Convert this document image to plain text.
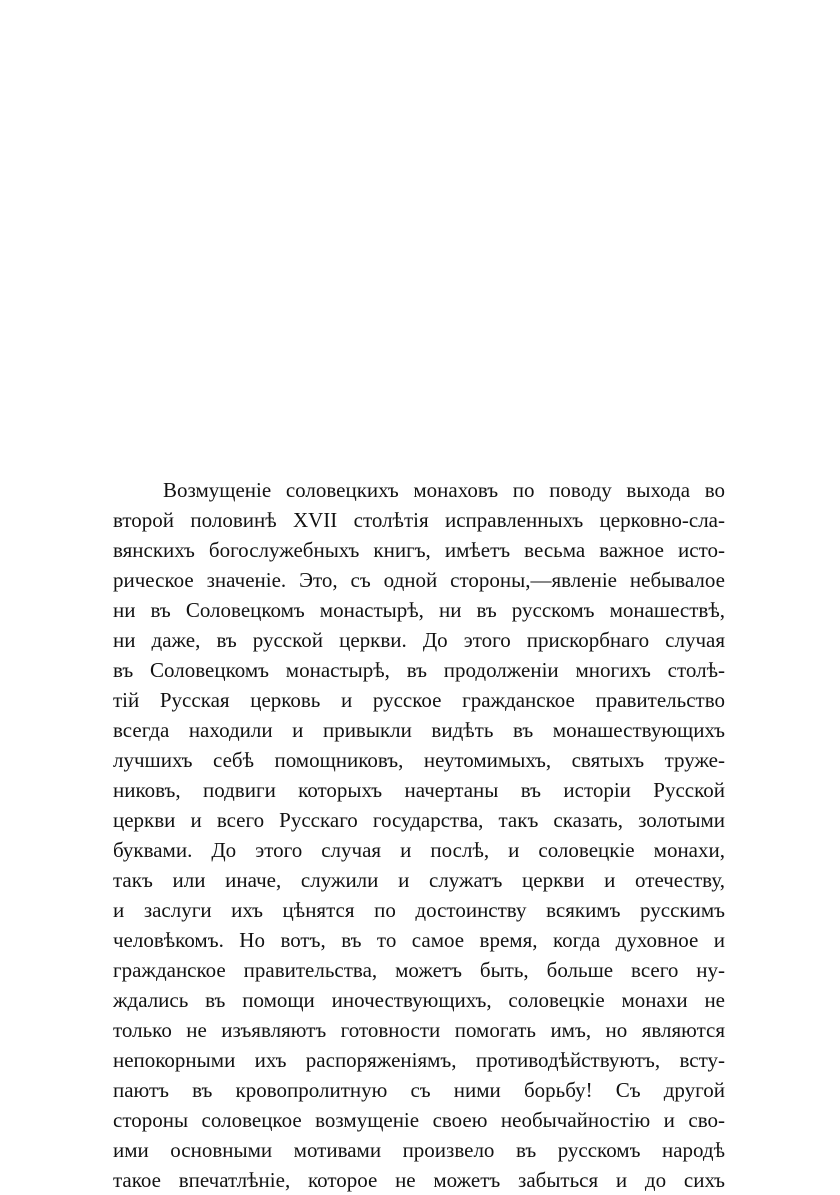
Возмущеніе соловецкихъ монаховъ по поводу выхода во
второй половинѣ XVII столѣтія исправленныхъ церковно-сла-
вянскихъ богослужебныхъ книгъ, имѣетъ весьма важное исто-
рическое значеніе. Это, съ одной стороны,—явленіе небывалое
ни въ Соловецкомъ монастырѣ, ни въ русскомъ монашествѣ,
ни даже, въ русской церкви. До этого прискорбнаго случая
въ Соловецкомъ монастырѣ, въ продолженіи многихъ столѣ-
тій Русская церковь и русское гражданское правительство
всегда находили и привыкли видѣть въ монашествующихъ
лучшихъ себѣ помощниковъ, неутомимыхъ, святыхъ труже-
никовъ, подвиги которыхъ начертаны въ исторіи Русской
церкви и всего Русскаго государства, такъ сказать, золотыми
буквами. До этого случая и послѣ, и соловецкіе монахи,
такъ или иначе, служили и служатъ церкви и отечеству,
и заслуги ихъ цѣнятся по достоинству всякимъ русскимъ
человѣкомъ. Но вотъ, въ то самое время, когда духовное и
гражданское правительства, можетъ быть, больше всего ну-
ждались въ помощи иночествующихъ, соловецкіе монахи не
только не изъявляютъ готовности помогать имъ, но являются
непокорными ихъ распоряженіямъ, противодѣйствуютъ, всту-
паютъ въ кровопролитную съ ними борьбу! Съ другой
стороны соловецкое возмущеніе своею необычайностію и сво-
ими основными мотивами произвело въ русскомъ народѣ
такое впечатлѣніе, которое не можетъ забыться и до сихъ
